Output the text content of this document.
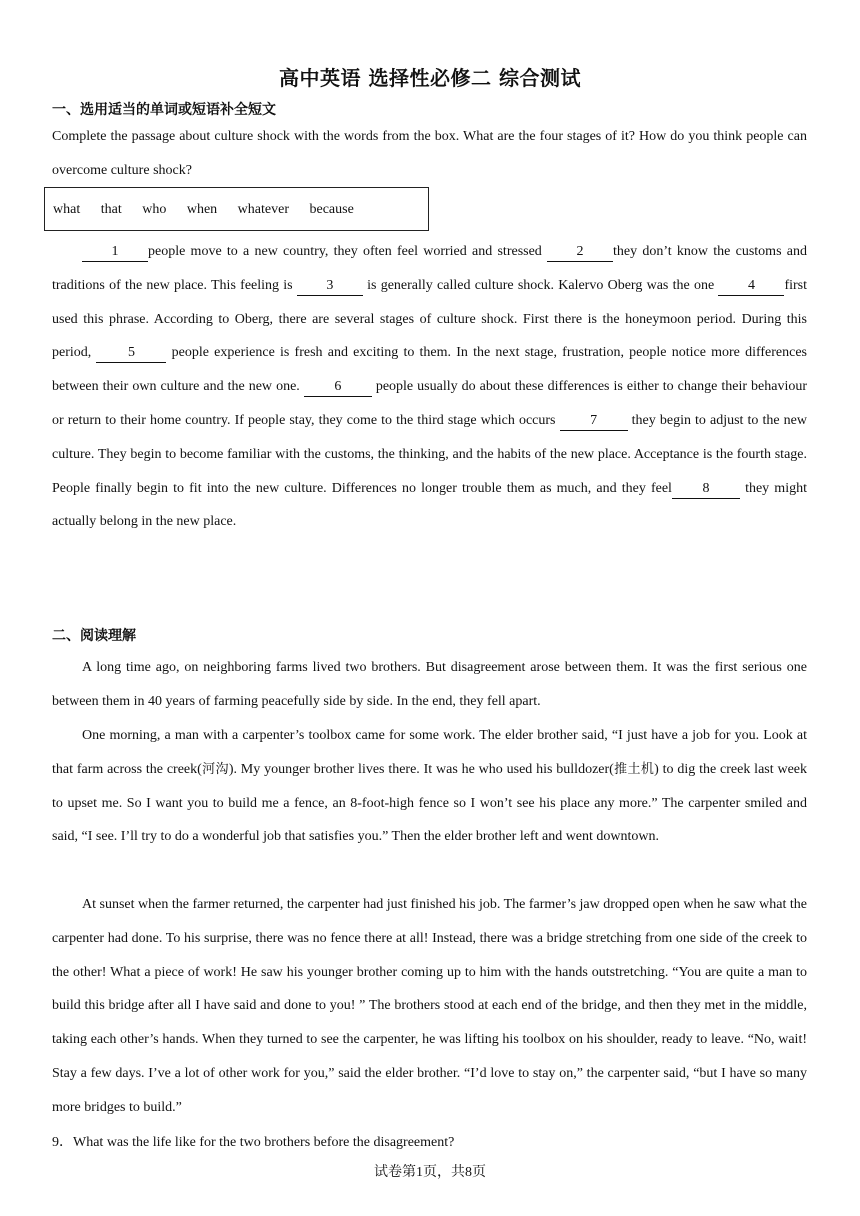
高中英语 选择性必修二 综合测试
一、选用适当的单词或短语补全短文
Complete the passage about culture shock with the words from the box. What are the four stages of it? How do you think people can overcome culture shock?
what that who when whatever because
1 people move to a new country, they often feel worried and stressed 2 they don’t know the customs and traditions of the new place. This feeling is 3 is generally called culture shock. Kalervo Oberg was the one 4 first used this phrase. According to Oberg, there are several stages of culture shock. First there is the honeymoon period. During this period, 5 people experience is fresh and exciting to them. In the next stage, frustration, people notice more differences between their own culture and the new one. 6 people usually do about these differences is either to change their behaviour or return to their home country. If people stay, they come to the third stage which occurs 7 they begin to adjust to the new culture. They begin to become familiar with the customs, the thinking, and the habits of the new place. Acceptance is the fourth stage. People finally begin to fit into the new culture. Differences no longer trouble them as much, and they feel 8 they might actually belong in the new place.
二、阅读理解
A long time ago, on neighboring farms lived two brothers. But disagreement arose between them. It was the first serious one between them in 40 years of farming peacefully side by side. In the end, they fell apart.
One morning, a man with a carpenter’s toolbox came for some work. The elder brother said, “I just have a job for you. Look at that farm across the creek(河沟). My younger brother lives there. It was he who used his bulldozer(推土机) to dig the creek last week to upset me. So I want you to build me a fence, an 8-foot-high fence so I won’t see his place any more.” The carpenter smiled and said, “I see. I’ll try to do a wonderful job that satisfies you.” Then the elder brother left and went downtown.
At sunset when the farmer returned, the carpenter had just finished his job. The farmer’s jaw dropped open when he saw what the carpenter had done. To his surprise, there was no fence there at all! Instead, there was a bridge stretching from one side of the creek to the other! What a piece of work! He saw his younger brother coming up to him with the hands outstretching. “You are quite a man to build this bridge after all I have said and done to you! ” The brothers stood at each end of the bridge, and then they met in the middle, taking each other’s hands. When they turned to see the carpenter, he was lifting his toolbox on his shoulder, ready to leave. “No, wait! Stay a few days. I’ve a lot of other work for you,” said the elder brother. “I’d love to stay on,” the carpenter said, “but I have so many more bridges to build.”
9．What was the life like for the two brothers before the disagreement?
试卷第1页，共8页
